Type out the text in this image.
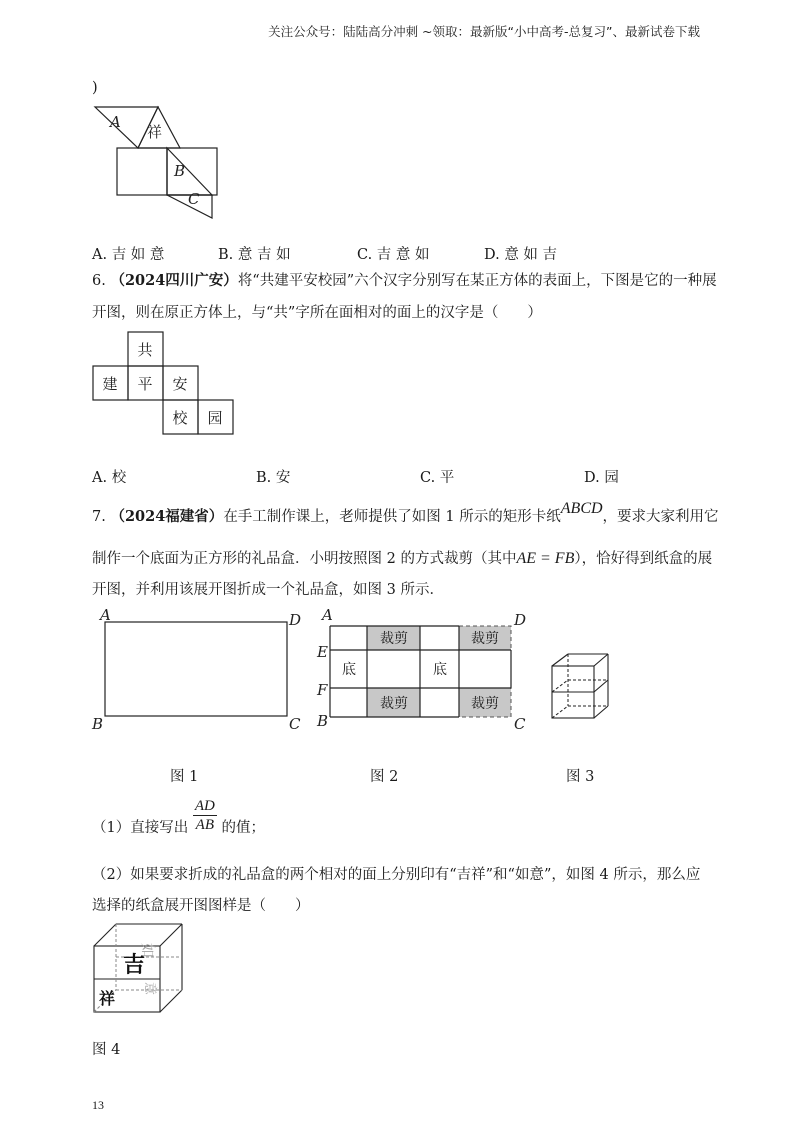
关注公众号：陆陆高分冲刺 ~领取：最新版“小中高考-总复习”、最新试卷下载
)
A
祥
B
C
A. 吉 如 意	B. 意 吉 如	C. 吉 意 如	D. 意 如 吉
6. （2024四川广安）将“共建平安校园”六个汉字分别写在某正方体的表面上，下图是它的一种展
开图，则在原正方体上，与“共”字所在面相对的面上的汉字是（　　）
共
建 平 安
校 园
A. 校	B. 安	C. 平	D. 园
7. （2024福建省）在手工制作课上，老师提供了如图 1 所示的矩形卡纸ABCD，要求大家利用它
制作一个底面为正方形的礼品盒．小明按照图 2 的方式裁剪（其中AE = FB），恰好得到纸盒的展
开图，并利用该展开图折成一个礼品盒，如图 3 所示．
A	D
B	C
裁剪	裁剪
裁剪	裁剪
底	底
A	D
E
F
B	C
图 1	图 2	图 3
（1）直接写出 $\frac{AD}{AB}$ 的值；
（2）如果要求折成的礼品盒的两个相对的面上分别印有“吉祥”和“如意”，如图 4 所示，那么应
选择的纸盒展开图图样是（　　）
吉
祥
如
意
图 4
13
